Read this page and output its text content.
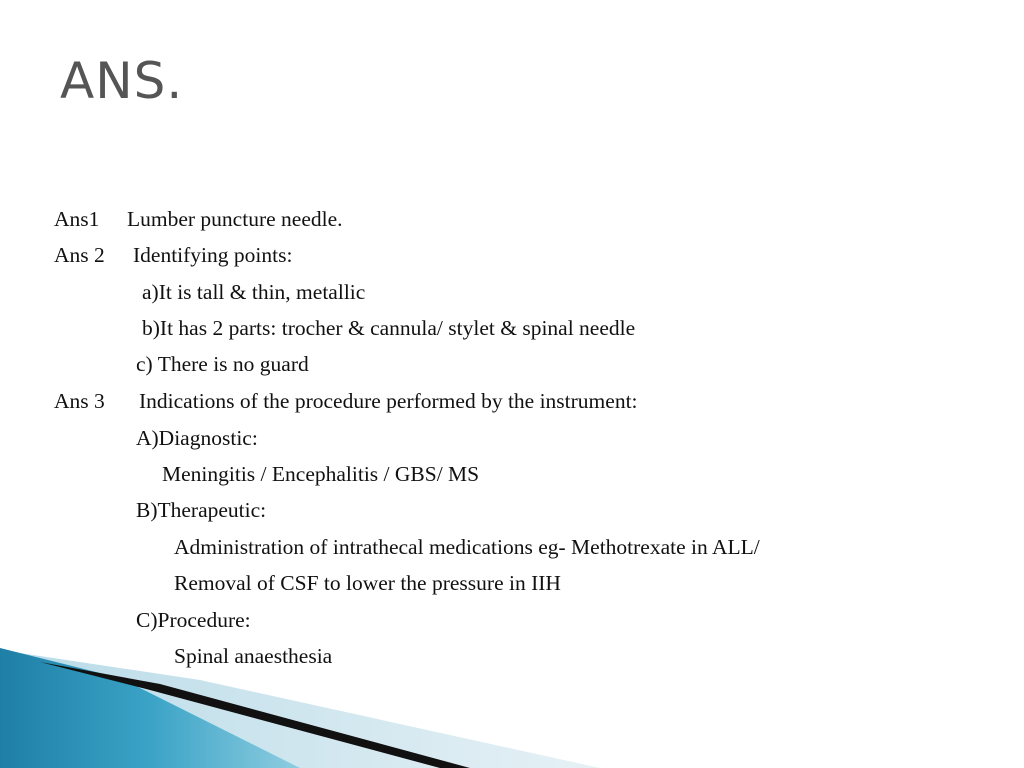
ANS.
Ans1 Lumber puncture needle.
Ans 2 Identifying points:
a)It is tall & thin, metallic
b)It has 2 parts: trocher & cannula/ stylet & spinal needle
c) There is no guard
Ans 3 Indications of the procedure performed by the instrument:
A)Diagnostic:
Meningitis / Encephalitis / GBS/ MS
B)Therapeutic:
Administration of intrathecal medications eg- Methotrexate in ALL/
Removal of CSF to lower the pressure in IIH
C)Procedure:
Spinal anaesthesia
